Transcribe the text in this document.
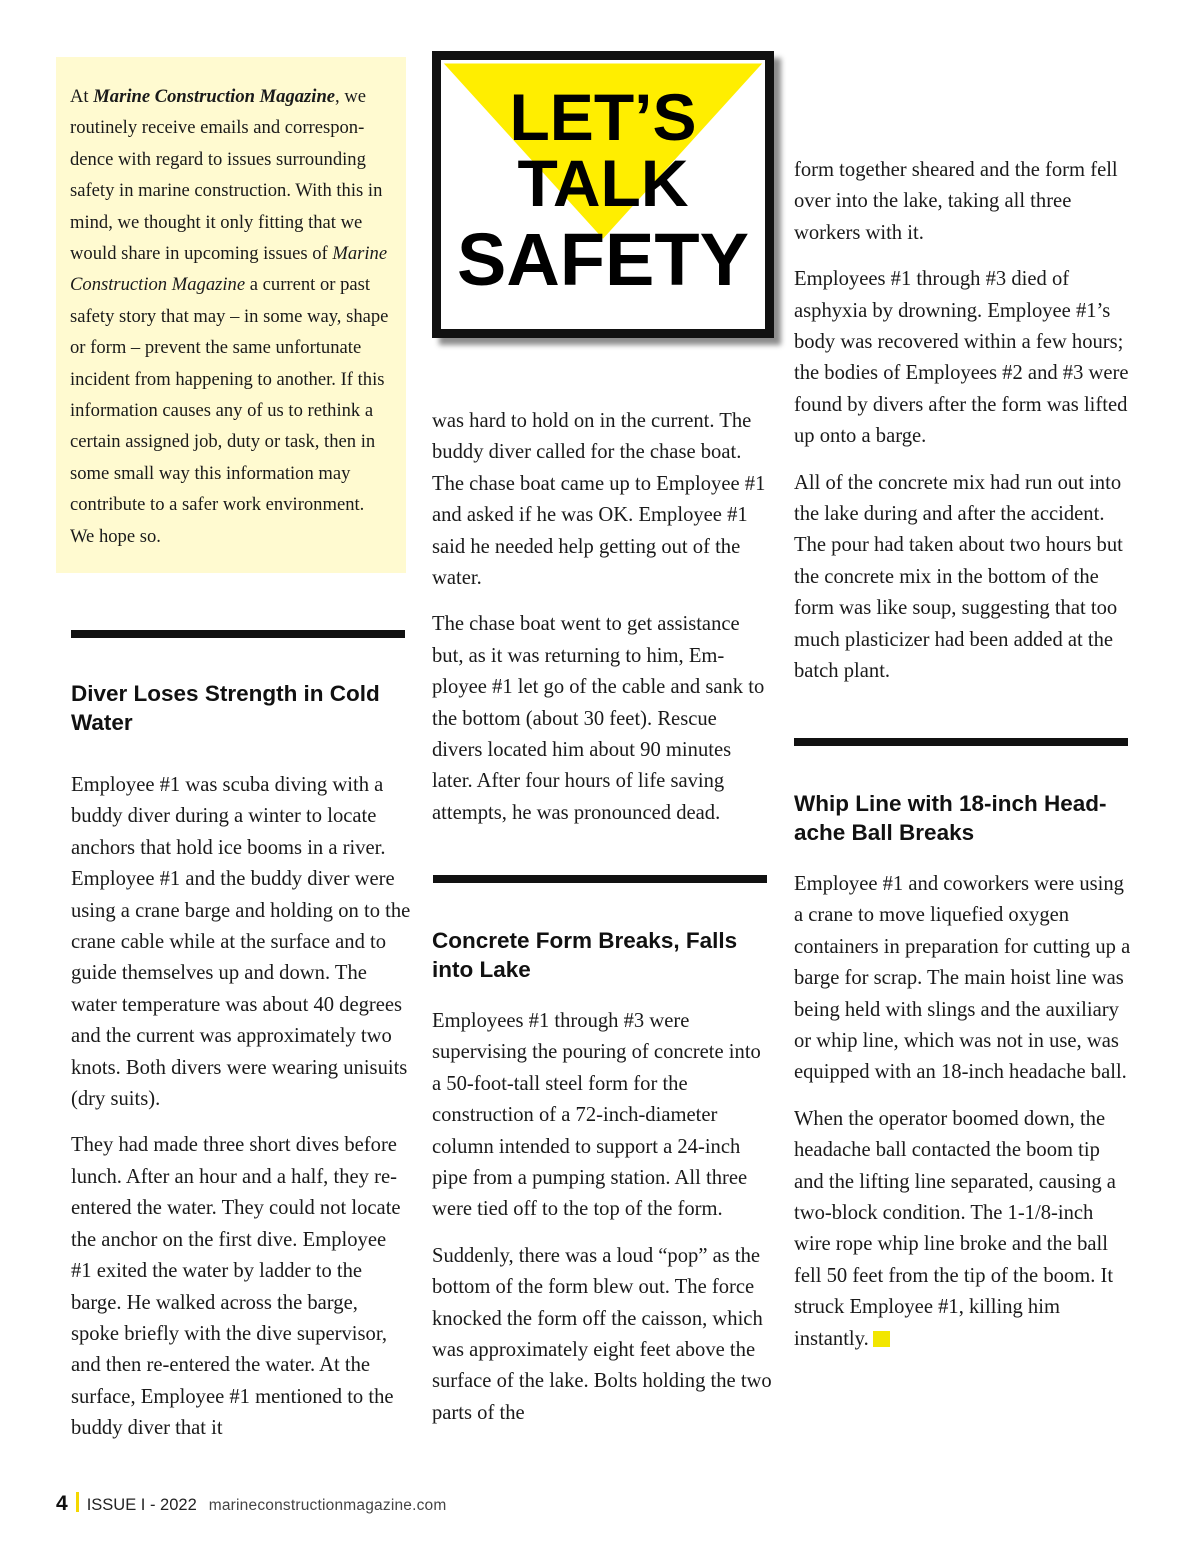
At Marine Construction Magazine, we routinely receive emails and correspondence with regard to issues surrounding safety in marine construction. With this in mind, we thought it only fitting that we would share in upcoming issues of Marine Construction Magazine a current or past safety story that may – in some way, shape or form – prevent the same unfortunate incident from happening to another. If this information causes any of us to rethink a certain assigned job, duty or task, then in some small way this information may contribute to a safer work environment. We hope so.

LET’S
TALK
SAFETY
Diver Loses Strength in Cold Water

Employee #1 was scuba diving with a buddy diver during a winter to locate anchors that hold ice booms in a river. Employee #1 and the buddy diver were using a crane barge and holding on to the crane cable while at the surface and to guide themselves up and down. The water temperature was about 40 degrees and the current was approximately two knots. Both divers were wearing unisuits (dry suits).

They had made three short dives before lunch. After an hour and a half, they re-entered the water. They could not locate the anchor on the first dive. Employee #1 exited the water by ladder to the barge. He walked across the barge, spoke briefly with the dive supervisor, and then re-entered the water. At the surface, Employee #1 mentioned to the buddy diver that it

was hard to hold on in the current. The buddy diver called for the chase boat. The chase boat came up to Employee #1 and asked if he was OK. Employee #1 said he needed help getting out of the water.

The chase boat went to get assistance but, as it was returning to him, Employee #1 let go of the cable and sank to the bottom (about 30 feet). Rescue divers located him about 90 minutes later. After four hours of life saving attempts, he was pronounced dead.

Concrete Form Breaks, Falls into Lake

Employees #1 through #3 were supervising the pouring of concrete into a 50-foot-tall steel form for the construction of a 72-inch-diameter column intended to support a 24-inch pipe from a pumping station. All three were tied off to the top of the form.

Suddenly, there was a loud “pop” as the bottom of the form blew out. The force knocked the form off the caisson, which was approximately eight feet above the surface of the lake. Bolts holding the two parts of the

form together sheared and the form fell over into the lake, taking all three workers with it.

Employees #1 through #3 died of asphyxia by drowning. Employee #1’s body was recovered within a few hours; the bodies of Employees #2 and #3 were found by divers after the form was lifted up onto a barge.

All of the concrete mix had run out into the lake during and after the accident. The pour had taken about two hours but the concrete mix in the bottom of the form was like soup, suggesting that too much plasticizer had been added at the batch plant.

Whip Line with 18-inch Headache Ball Breaks

Employee #1 and coworkers were using a crane to move liquefied oxygen containers in preparation for cutting up a barge for scrap. The main hoist line was being held with slings and the auxiliary or whip line, which was not in use, was equipped with an 18-inch headache ball.

When the operator boomed down, the headache ball contacted the boom tip and the lifting line separated, causing a two-block condition. The 1-1/8-inch wire rope whip line broke and the ball fell 50 feet from the tip of the boom. It struck Employee #1, killing him instantly.

4 ISSUE I - 2022 marineconstructionmagazine.com
